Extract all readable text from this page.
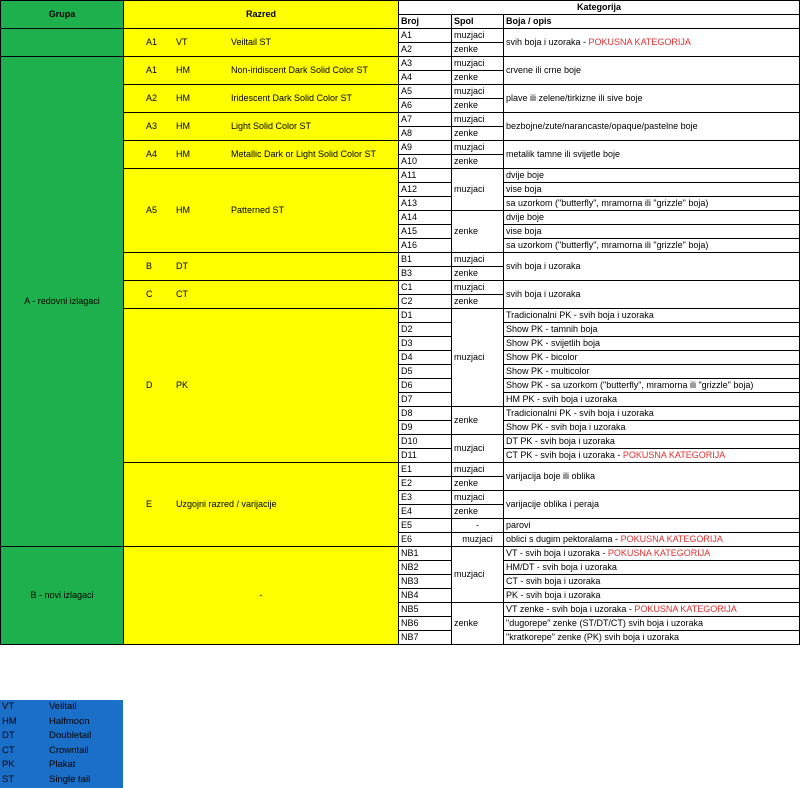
Grupa	Razred	Kategorija		
		Broj	Spol	Boja / opis

	A1 VT Veiltail ST	A1	muzjaci	svih boja i uzoraka - POKUSNA KATEGORIJA
		A2	zenke	
A - redovni izlagaci	A1 HM Non-iridiscent Dark Solid Color ST	A3	muzjaci	crvene ili crne boje
		A4	zenke	

	A2 HM Iridescent Dark Solid Color ST	A5	muzjaci	plave ili zelene/tirkizne ili sive boje
		A6	zenke	

	A3 HM Light Solid Color ST	A7	muzjaci	bezbojne/zute/narancaste/opaque/pastelne boje
		A8	zenke	

	A4 HM Metallic Dark or Light Solid Color ST	A9	muzjaci	metalik tamne ili svijetle boje
		A10	zenke	

	A5 HM Patterned ST	A11	muzjaci	dvije boje
		A12		vise boja
		A13		sa uzorkom ("butterfly", mramorna ili "grizzle" boja)
		A14	zenke	dvije boje
		A15		vise boja
		A16		sa uzorkom ("butterfly", mramorna ili "grizzle" boja)

	B DT	B1	muzjaci	svih boja i uzoraka
		B3	zenke	

	C CT	C1	muzjaci	svih boja i uzoraka
		C2	zenke	

	D PK	D1	muzjaci	Tradicionalni PK - svih boja i uzoraka
		D2		Show PK - tamnih boja
		D3		Show PK - svijetlih boja
		D4		Show PK - bicolor
		D5		Show PK - multicolor
		D6		Show PK - sa uzorkom ("butterfly", mramorna ili "grizzle" boja)
		D7		HM PK - svih boja i uzoraka
		D8	zenke	Tradicionalni PK - svih boja i uzoraka
		D9		Show PK - svih boja i uzoraka
		D10	muzjaci	DT PK - svih boja i uzoraka
		D11		CT PK - svih boja i uzoraka - POKUSNA KATEGORIJA

	E Uzgojni razred / varijacije	E1	muzjaci	varijacija boje ili oblika
		E2	zenke	
		E3	muzjaci	varijacije oblika i peraja
		E4	zenke	
		E5	-	parovi
		E6	muzjaci	oblici s dugim pektoralama - POKUSNA KATEGORIJA
B - novi izlagaci	-	NB1	muzjaci	VT - svih boja i uzoraka - POKUSNA KATEGORIJA
		NB2		HM/DT - svih boja i uzoraka
		NB3		CT - svih boja i uzoraka
		NB4		PK - svih boja i uzoraka
		NB5	zenke	VT zenke - svih boja i uzoraka - POKUSNA KATEGORIJA
		NB6		"dugorepe" zenke (ST/DT/CT) svih boja i uzoraka
		NB7		"kratkorepe" zenke (PK) svih boja i uzoraka
VT	Veiltail
HM	Halfmoon
DT	Doubletail
CT	Crowntail
PK	Plakat
ST	Single tail
